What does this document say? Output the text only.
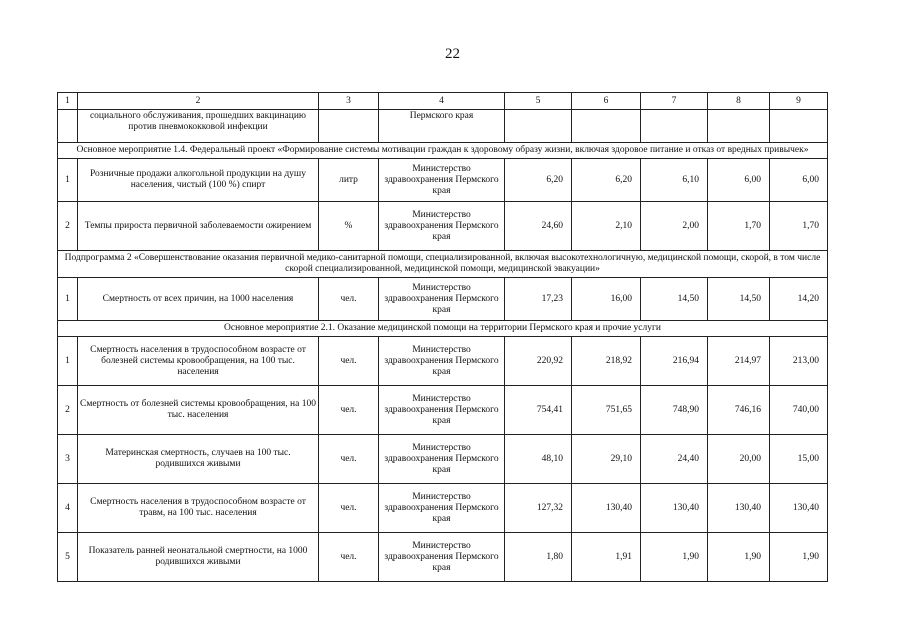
22
1	2	3	4	5	6	7	8	9
	социального обслуживания, прошедших вакцинацию против пневмококковой инфекции		Пермского края					
Основное мероприятие 1.4. Федеральный проект «Формирование системы мотивации граждан к здоровому образу жизни, включая здоровое питание и отказ от вредных привычек»								
1	Розничные продажи алкогольной продукции на душу населения, чистый (100 %) спирт	литр	Министерство здравоохранения Пермского края	6,20	6,20	6,10	6,00	6,00
2	Темпы прироста первичной заболеваемости ожирением	%	Министерство здравоохранения Пермского края	24,60	2,10	2,00	1,70	1,70
Подпрограмма 2 «Совершенствование оказания первичной медико-санитарной помощи, специализированной, включая высокотехнологичную, медицинской помощи, скорой, в том числе скорой специализированной, медицинской помощи, медицинской эвакуации»								
1	Смертность от всех причин, на 1000 населения	чел.	Министерство здравоохранения Пермского края	17,23	16,00	14,50	14,50	14,20
Основное мероприятие 2.1. Оказание медицинской помощи на территории Пермского края и прочие услуги								
1	Смертность населения в трудоспособном возрасте от болезней системы кровообращения, на 100 тыс. населения	чел.	Министерство здравоохранения Пермского края	220,92	218,92	216,94	214,97	213,00
2	Смертность от болезней системы кровообращения, на 100 тыс. населения	чел.	Министерство здравоохранения Пермского края	754,41	751,65	748,90	746,16	740,00
3	Материнская смертность, случаев на 100 тыс. родившихся живыми	чел.	Министерство здравоохранения Пермского края	48,10	29,10	24,40	20,00	15,00
4	Смертность населения в трудоспособном возрасте от травм, на 100 тыс. населения	чел.	Министерство здравоохранения Пермского края	127,32	130,40	130,40	130,40	130,40
5	Показатель ранней неонатальной смертности, на 1000 родившихся живыми	чел.	Министерство здравоохранения Пермского края	1,80	1,91	1,90	1,90	1,90
